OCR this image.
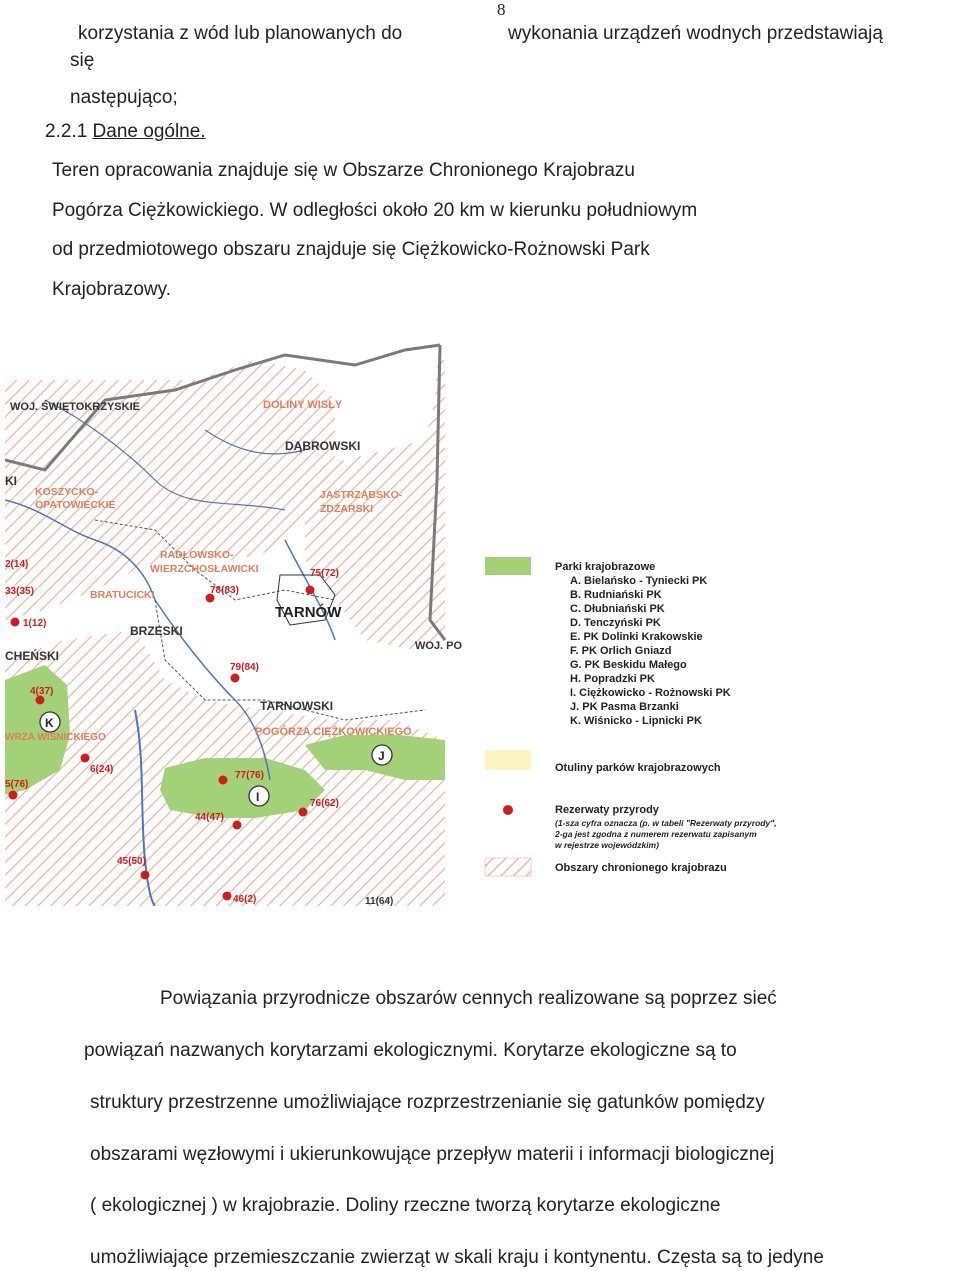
8
korzystania z wód lub planowanych do	wykonania urządzeń wodnych przedstawiają
się
następująco;
2.2.1 Dane ogólne.
Teren opracowania znajduje się w Obszarze Chronionego Krajobrazu
Pogórza Ciężkowickiego. W odległości około 20 km w kierunku południowym
od przedmiotowego obszaru znajduje się Ciężkowicko-Rożnowski Park
Krajobrazowy.
WOJ. ŚWIĘTOKRZYSKIE	DOLINY WISŁY
DĄBROWSKI
KI
KOSZYCKO-
OPATOWIECKIE
JASTRZĄBSKO-
ŻDŻARSKI
RADŁOWSKO-
WIERZCHOSŁAWICKI
BRATUCICKI
BRZESKI
TARNÓW
WOJ. PO
CHEŃSKI
TARNOWSKI
POGÓRZA CIĘŻKOWICKIEGO
WRZA WIŚNICKIEGO
75(72)
78(83)
79(84)
77(76)
76(62)
44(47)
4(37)
6(24)
45(50)
46(2)	11(64)
2(14)
33(35)
1(12)
5(76)
K
I
J
Parki krajobrazowe
A. Bielańsko - Tyniecki PK
B. Rudniański PK
C. Dłubniański PK
D. Tenczyński PK
E. PK Dolinki Krakowskie
F. PK Orlich Gniazd
G. PK Beskidu Małego
H. Popradzki PK
I. Ciężkowicko - Rożnowski PK
J. PK Pasma Brzanki
K. Wiśnicko - Lipnicki PK
Otuliny parków krajobrazowych
Rezerwaty przyrody
(1-sza cyfra oznacza (p. w tabeli "Rezerwaty przyrody",
2-ga jest zgodna z numerem rezerwatu zapisanym
w rejestrze wojewódzkim)
Obszary chronionego krajobrazu
Powiązania przyrodnicze obszarów cennych realizowane są poprzez sieć
powiązań nazwanych korytarzami ekologicznymi. Korytarze ekologiczne są to
struktury przestrzenne umożliwiające rozprzestrzenianie się gatunków pomiędzy
obszarami węzłowymi i ukierunkowujące przepływ materii i informacji biologicznej
( ekologicznej ) w krajobrazie. Doliny rzeczne tworzą korytarze ekologiczne
umożliwiające przemieszczanie zwierząt w skali kraju i kontynentu. Częsta są to jedyne
